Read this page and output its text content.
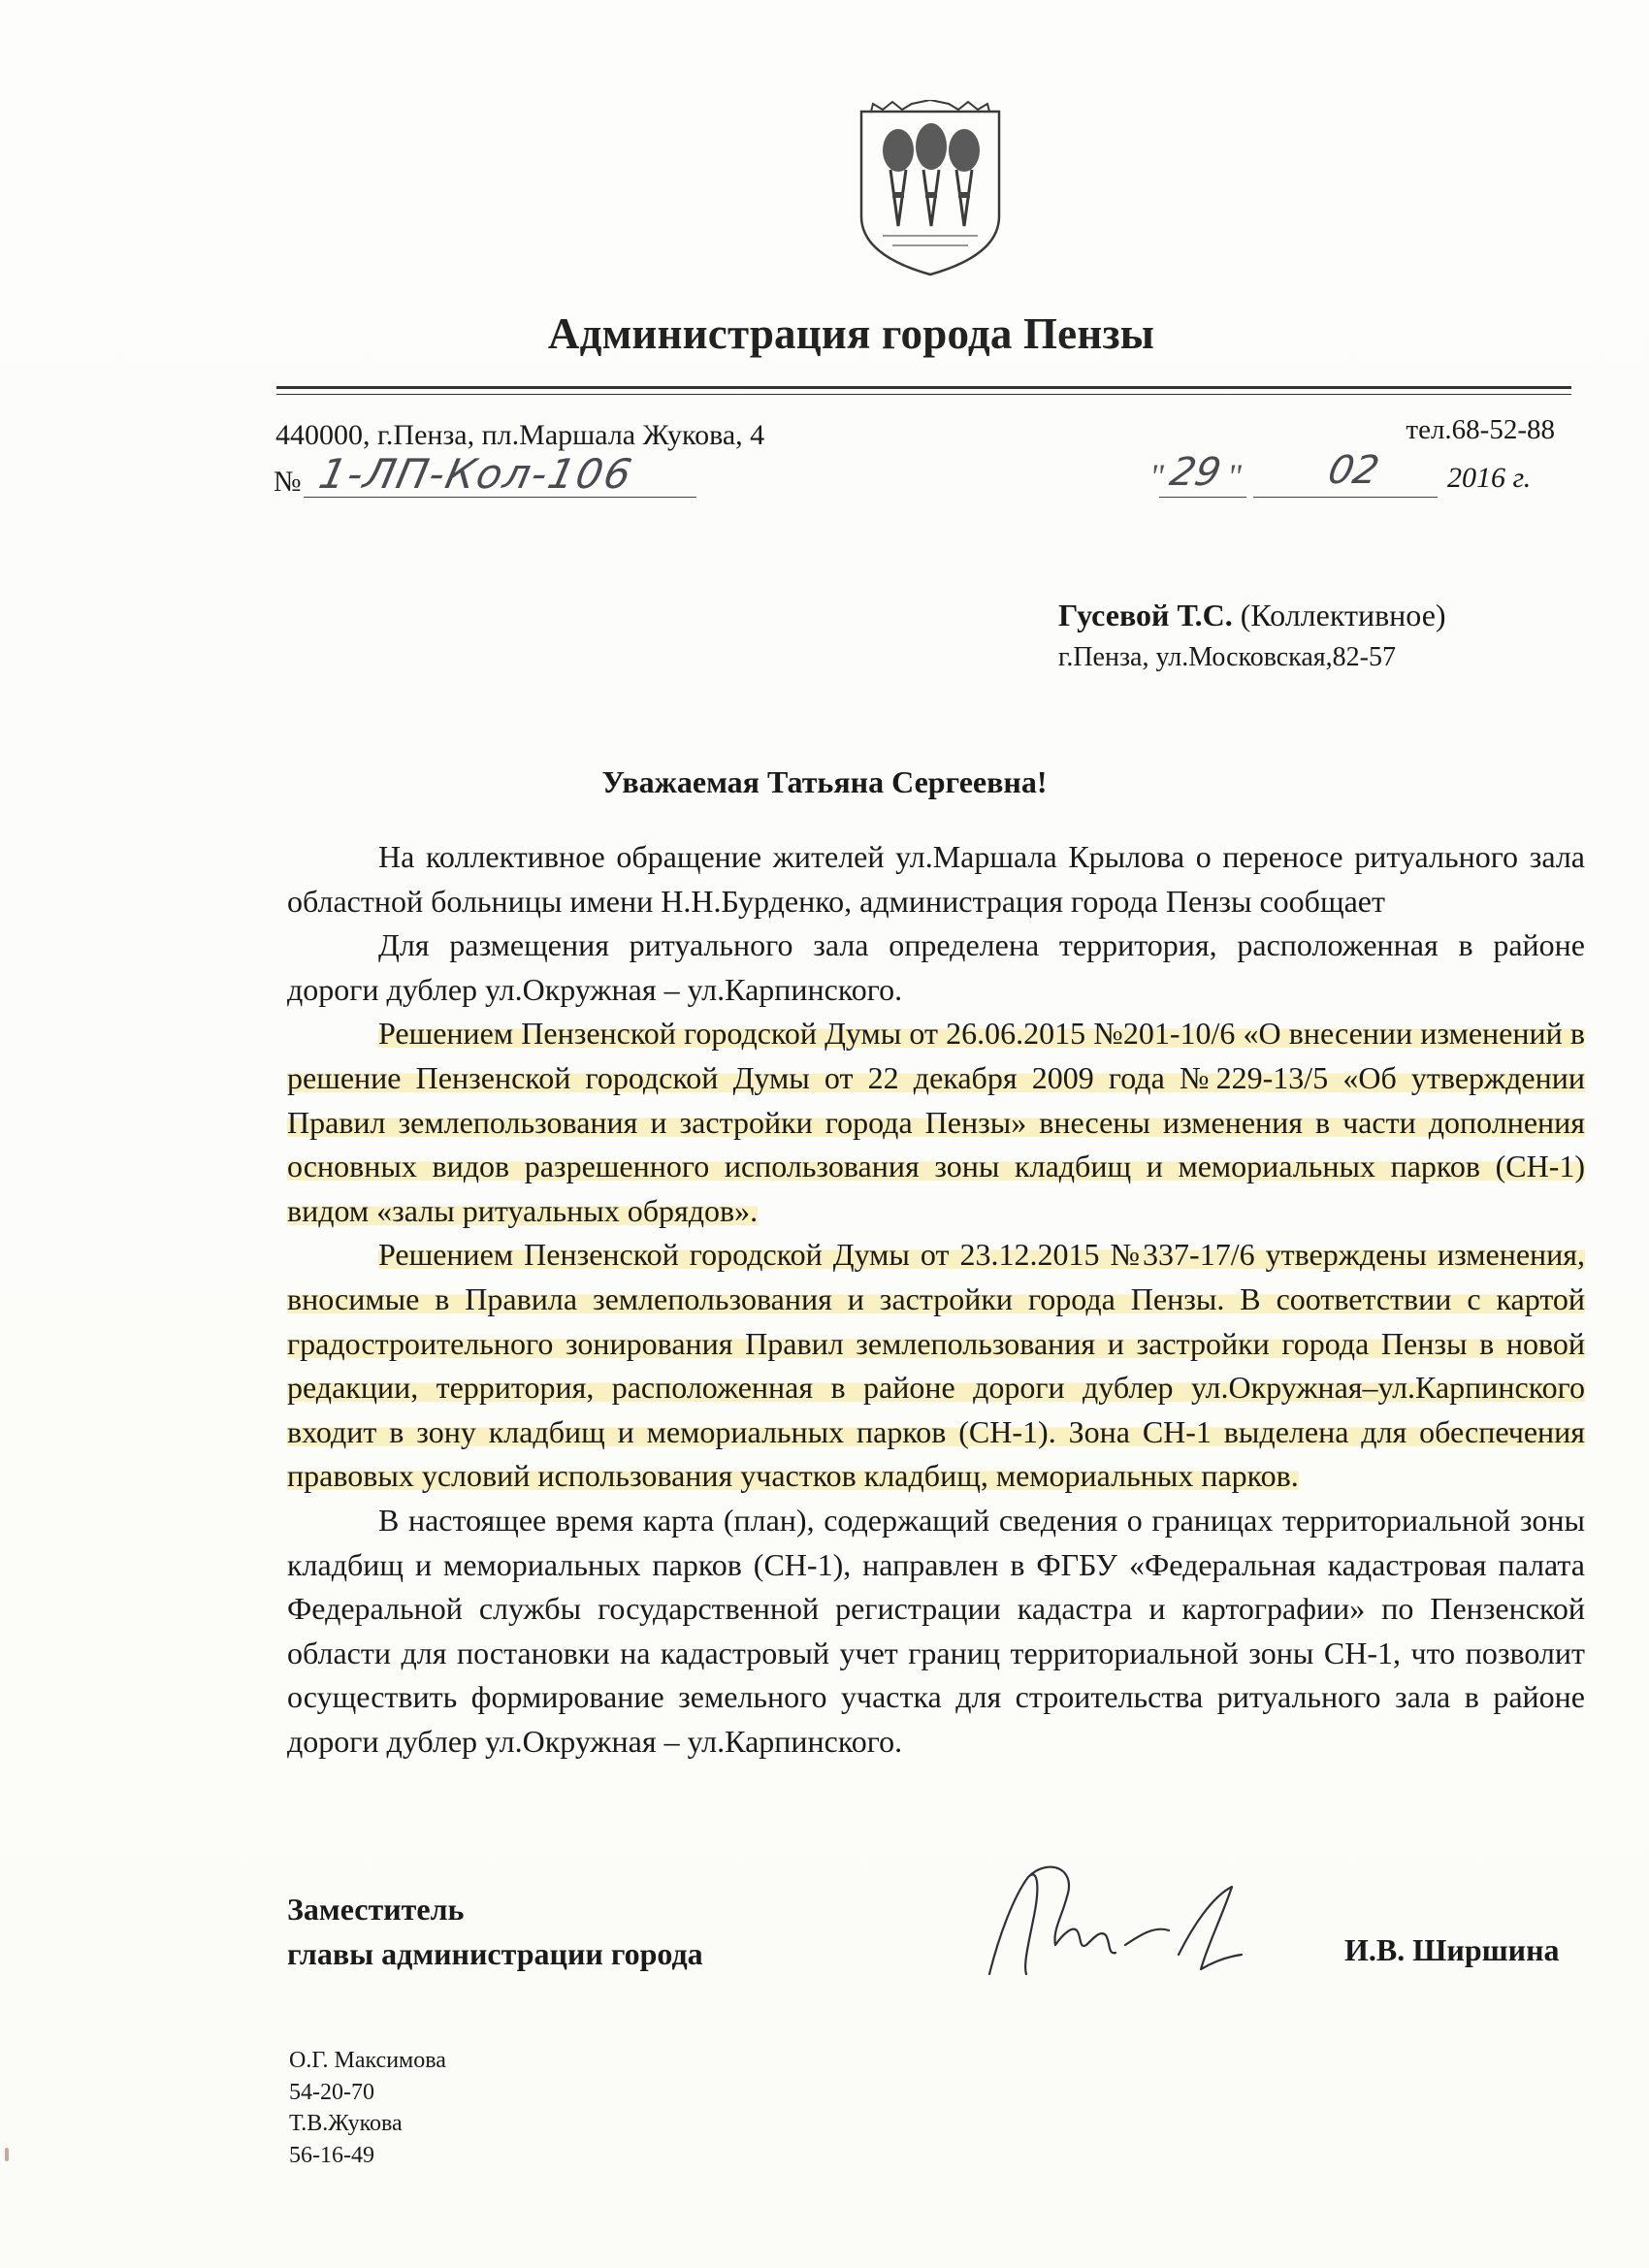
Администрация города Пензы
440000, г.Пенза, пл.Маршала Жукова, 4	тел.68-52-88
№ 1-ЛП-Кол-106	" 29 " 02 2016 г.
Гусевой Т.С. (Коллективное)
г.Пенза, ул.Московская,82-57
Уважаемая Татьяна Сергеевна!

На коллективное обращение жителей ул.Маршала Крылова о переносе ритуального зала областной больницы имени Н.Н.Бурденко, администрация города Пензы сообщает

Для размещения ритуального зала определена территория, расположенная в районе дороги дублер ул.Окружная – ул.Карпинского.

Решением Пензенской городской Думы от 26.06.2015 №201-10/6 «О внесении изменений в решение Пензенской городской Думы от 22 декабря 2009 года №229-13/5 «Об утверждении Правил землепользования и застройки города Пензы» внесены изменения в части дополнения основных видов разрешенного использования зоны кладбищ и мемориальных парков (СН-1) видом «залы ритуальных обрядов».

Решением Пензенской городской Думы от 23.12.2015 №337-17/6 утверждены изменения, вносимые в Правила землепользования и застройки города Пензы. В соответствии с картой градостроительного зонирования Правил землепользования и застройки города Пензы в новой редакции, территория, расположенная в районе дороги дублер ул.Окружная–ул.Карпинского входит в зону кладбищ и мемориальных парков (СН-1). Зона СН-1 выделена для обеспечения правовых условий использования участков кладбищ, мемориальных парков.

В настоящее время карта (план), содержащий сведения о границах территориальной зоны кладбищ и мемориальных парков (СН-1), направлен в ФГБУ «Федеральная кадастровая палата Федеральной службы государственной регистрации кадастра и картографии» по Пензенской области для постановки на кадастровый учет границ территориальной зоны СН-1, что позволит осуществить формирование земельного участка для строительства ритуального зала в районе дороги дублер ул.Окружная – ул.Карпинского.

Заместитель
главы администрации города	И.В. Ширшина
О.Г. Максимова
54-20-70
Т.В.Жукова
56-16-49
